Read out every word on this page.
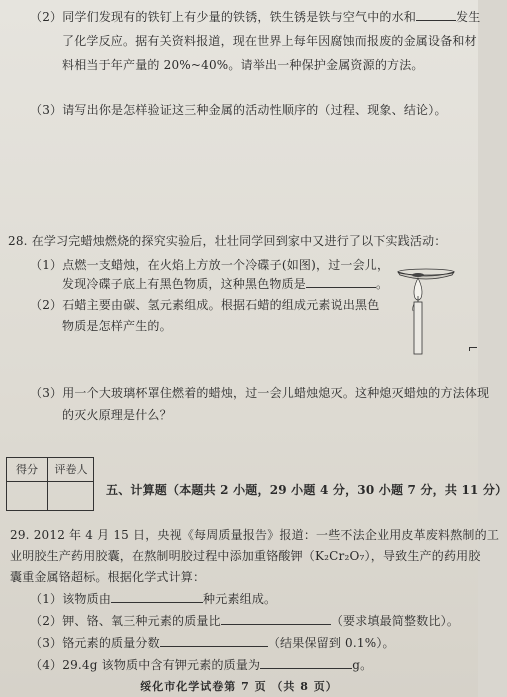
（2）同学们发现有的铁钉上有少量的铁锈，铁生锈是铁与空气中的水和	发生
了化学反应。据有关资料报道，现在世界上每年因腐蚀而报废的金属设备和材
料相当于年产量的 20%~40%。请举出一种保护金属资源的方法。
（3）请写出你是怎样验证这三种金属的活动性顺序的（过程、现象、结论）。
28. 在学习完蜡烛燃烧的探究实验后，壮壮同学回到家中又进行了以下实践活动：
（1）点燃一支蜡烛，在火焰上方放一个冷碟子(如图)，过一会儿，
发现冷碟子底上有黑色物质，这种黑色物质是	。
（2）石蜡主要由碳、氢元素组成。根据石蜡的组成元素说出黑色
物质是怎样产生的。
（3）用一个大玻璃杯罩住燃着的蜡烛，过一会儿蜡烛熄灭。这种熄灭蜡烛的方法体现
的灭火原理是什么？
得分	评卷人
五、计算题（本题共 2 小题，29 小题 4 分，30 小题 7 分，共 11 分）
29. 2012 年 4 月 15 日，央视《每周质量报告》报道：一些不法企业用皮革废料熬制的工
业明胶生产药用胶囊，在熬制明胶过程中添加重铬酸钾（K₂Cr₂O₇），导致生产的药用胶
囊重金属铬超标。根据化学式计算：
（1）该物质由	种元素组成。
（2）钾、铬、氧三种元素的质量比	（要求填最简整数比）。
（3）铬元素的质量分数	（结果保留到 0.1%）。
（4）29.4g 该物质中含有钾元素的质量为	g。
绥化市化学试卷第 7 页 （共 8 页）
